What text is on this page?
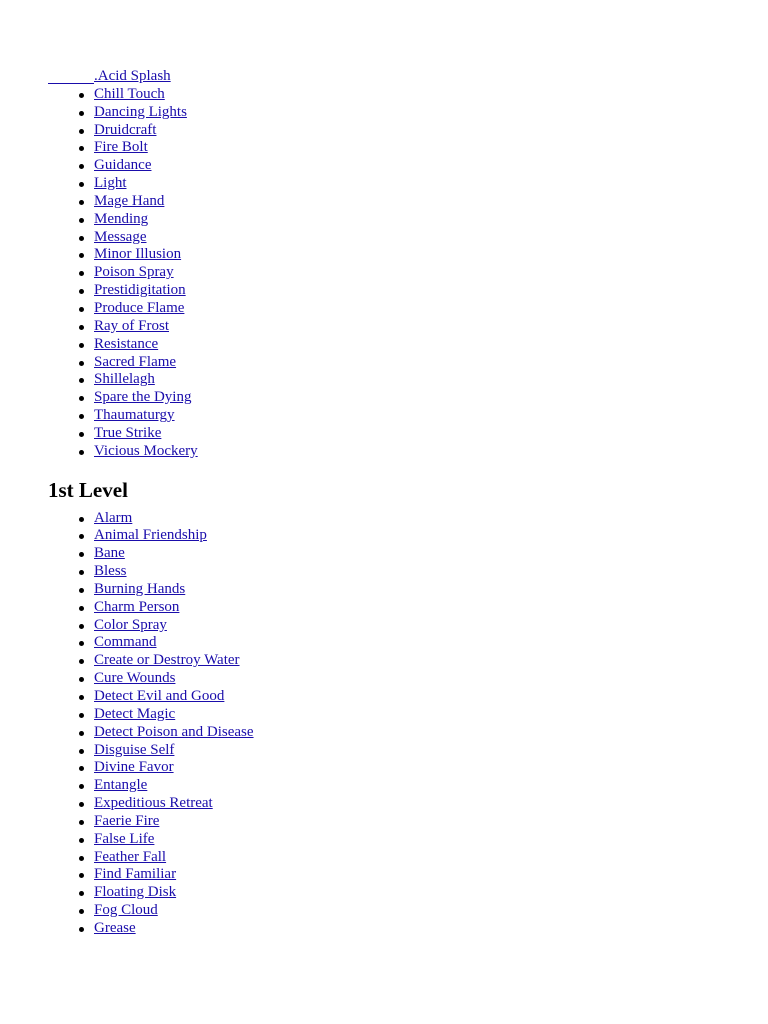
.Acid Splash
Chill Touch
Dancing Lights
Druidcraft
Fire Bolt
Guidance
Light
Mage Hand
Mending
Message
Minor Illusion
Poison Spray
Prestidigitation
Produce Flame
Ray of Frost
Resistance
Sacred Flame
Shillelagh
Spare the Dying
Thaumaturgy
True Strike
Vicious Mockery
1st Level
Alarm
Animal Friendship
Bane
Bless
Burning Hands
Charm Person
Color Spray
Command
Create or Destroy Water
Cure Wounds
Detect Evil and Good
Detect Magic
Detect Poison and Disease
Disguise Self
Divine Favor
Entangle
Expeditious Retreat
Faerie Fire
False Life
Feather Fall
Find Familiar
Floating Disk
Fog Cloud
Grease
